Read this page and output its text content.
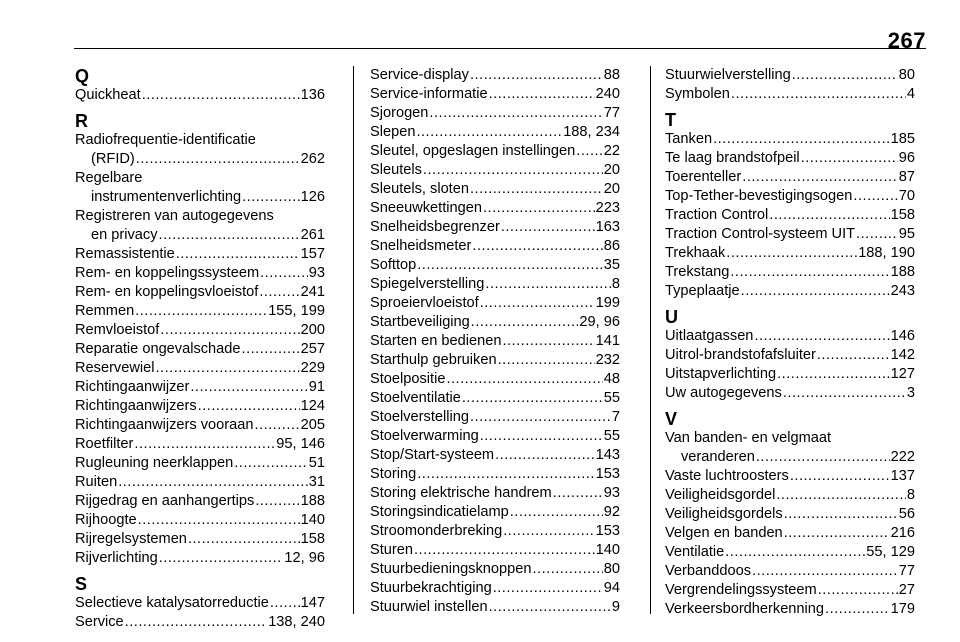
267
Q
Quickheat .....	136
R
Radiofrequentie-identificatie
(RFID) .....	262
Regelbare
instrumentenverlichting .....	126
Registreren van autogegevens
en privacy .....	261
Remassistentie .....	157
Rem- en koppelingssysteem .....	93
Rem- en koppelingsvloeistof .....	241
Remmen .....	155, 199
Remvloeistof .....	200
Reparatie ongevalschade .....	257
Reservewiel .....	229
Richtingaanwijzer .....	91
Richtingaanwijzers .....	124
Richtingaanwijzers vooraan .....	205
Roetfilter .....	95, 146
Rugleuning neerklappen .....	51
Ruiten .....	31
Rijgedrag en aanhangertips .....	188
Rijhoogte .....	140
Rijregelsystemen .....	158
Rijverlichting .....	12, 96
S
Selectieve katalysatorreductie ..... 147
Service .....	138, 240
Service-display .....	88
Service-informatie .....	240
Sjorogen .....	77
Slepen .....	188, 234
Sleutel, opgeslagen instellingen ..... 22
Sleutels .....	20
Sleutels, sloten .....	20
Sneeuwkettingen .....	223
Snelheidsbegrenzer .....	163
Snelheidsmeter .....	86
Softtop .....	35
Spiegelverstelling .....	8
Sproeiervloeistof .....	199
Startbeveiliging .....	29, 96
Starten en bedienen .....	141
Starthulp gebruiken .....	232
Stoelpositie .....	48
Stoelventilatie .....	55
Stoelverstelling .....	7
Stoelverwarming .....	55
Stop/Start-systeem .....	143
Storing .....	153
Storing elektrische handrem .....	93
Storingsindicatielamp .....	92
Stroomonderbreking .....	153
Sturen .....	140
Stuurbedieningsknoppen .....	80
Stuurbekrachtiging .....	94
Stuurwiel instellen .....	9
Stuurwielverstelling .....	80
Symbolen .....	4
T
Tanken .....	185
Te laag brandstofpeil .....	96
Toerenteller .....	87
Top-Tether-bevestigingsogen .....	70
Traction Control .....	158
Traction Control-systeem UIT .....	95
Trekhaak .....	188, 190
Trekstang .....	188
Typeplaatje .....	243
U
Uitlaatgassen .....	146
Uitrol-brandstofafsluiter .....	142
Uitstapverlichting .....	127
Uw autogegevens .....	3
V
Van banden- en velgmaat
veranderen .....	222
Vaste luchtroosters .....	137
Veiligheidsgordel .....	8
Veiligheidsgordels .....	56
Velgen en banden .....	216
Ventilatie .....	55, 129
Verbanddoos .....	77
Vergrendelingssysteem .....	27
Verkeersbordherkenning .....	179
